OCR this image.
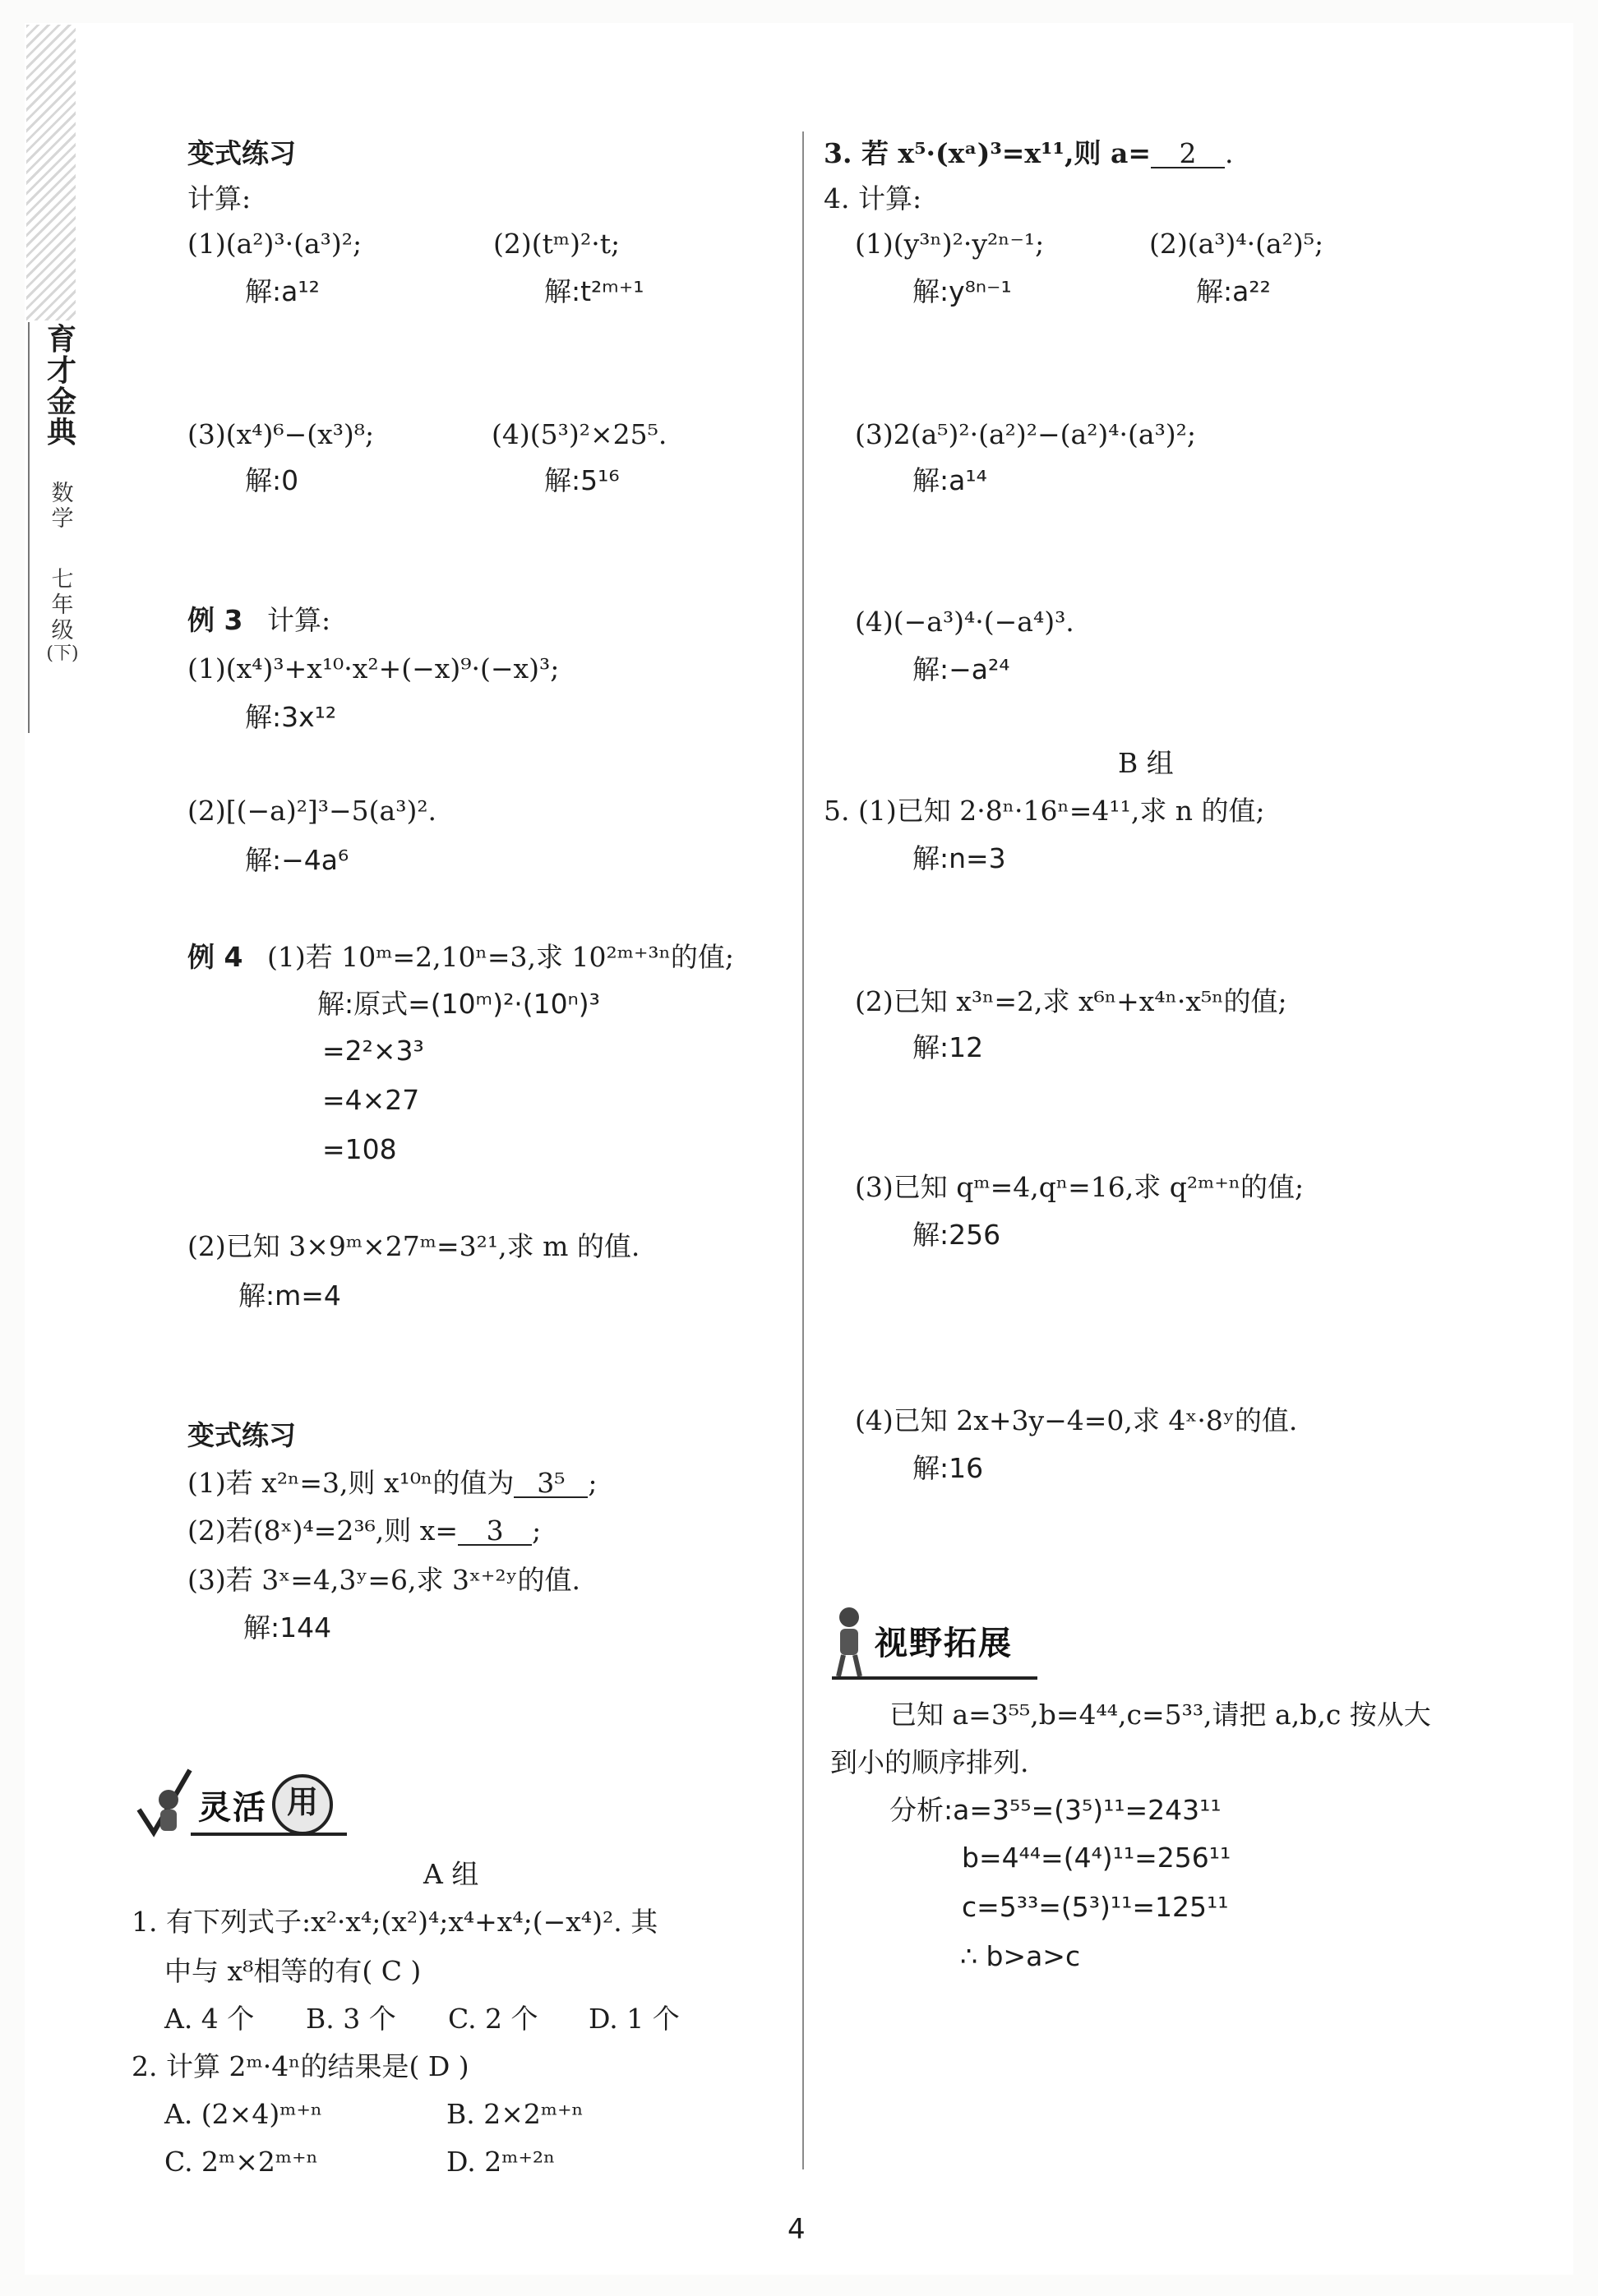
育
才
金
典
数
学
七
年
级
(下)
变式练习
计算:
(1)(a²)³·(a³)²;	(2)(tᵐ)²·t;
解:a¹²	解:t²ᵐ⁺¹
(3)(x⁴)⁶−(x³)⁸;	(4)(5³)²×25⁵.
解:0	解:5¹⁶
例 3 计算:
(1)(x⁴)³+x¹⁰·x²+(−x)⁹·(−x)³;
解:3x¹²
(2)[(−a)²]³−5(a³)².
解:−4a⁶
例 4 (1)若 10ᵐ=2,10ⁿ=3,求 10²ᵐ⁺³ⁿ的值;
解:原式=(10ᵐ)²·(10ⁿ)³
=2²×3³
=4×27
=108
(2)已知 3×9ᵐ×27ᵐ=3²¹,求 m 的值.
解:m=4
变式练习
(1)若 x²ⁿ=3,则 x¹⁰ⁿ的值为 3⁵ ;
(2)若(8ˣ)⁴=2³⁶,则 x= 3 ;
(3)若 3ˣ=4,3ʸ=6,求 3ˣ⁺²ʸ的值.
解:144
灵活 用
A 组
1. 有下列式子:x²·x⁴;(x²)⁴;x⁴+x⁴;(−x⁴)². 其
中与 x⁸相等的有( C )
A. 4 个 B. 3 个 C. 2 个 D. 1 个
2. 计算 2ᵐ·4ⁿ的结果是( D )
A. (2×4)ᵐ⁺ⁿ	B. 2×2ᵐ⁺ⁿ
C. 2ᵐ×2ᵐ⁺ⁿ	D. 2ᵐ⁺²ⁿ
3. 若 x⁵·(xᵃ)³=x¹¹,则 a= 2 .
4. 计算:
(1)(y³ⁿ)²·y²ⁿ⁻¹;	(2)(a³)⁴·(a²)⁵;
解:y⁸ⁿ⁻¹	解:a²²
(3)2(a⁵)²·(a²)²−(a²)⁴·(a³)²;
解:a¹⁴
(4)(−a³)⁴·(−a⁴)³.
解:−a²⁴
B 组
5. (1)已知 2·8ⁿ·16ⁿ=4¹¹,求 n 的值;
解:n=3
(2)已知 x³ⁿ=2,求 x⁶ⁿ+x⁴ⁿ·x⁵ⁿ的值;
解:12
(3)已知 qᵐ=4,qⁿ=16,求 q²ᵐ⁺ⁿ的值;
解:256
(4)已知 2x+3y−4=0,求 4ˣ·8ʸ的值.
解:16
视野拓展
已知 a=3⁵⁵,b=4⁴⁴,c=5³³,请把 a,b,c 按从大
到小的顺序排列.
分析:a=3⁵⁵=(3⁵)¹¹=243¹¹
b=4⁴⁴=(4⁴)¹¹=256¹¹
c=5³³=(5³)¹¹=125¹¹
∴ b>a>c
4
